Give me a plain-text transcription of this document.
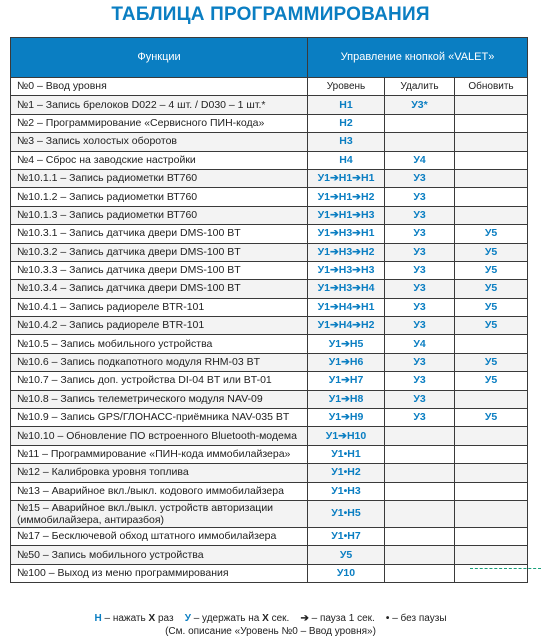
ТАБЛИЦА ПРОГРАММИРОВАНИЯ
Функции	Управление кнопкой «VALET»		
№0 – Ввод уровня	Уровень	Удалить	Обновить
№1 – Запись брелоков D022 – 4 шт. / D030 – 1 шт.*	Н1	У3*	
№2 – Программирование «Сервисного ПИН-кода»	Н2		
№3 – Запись холостых оборотов	Н3		
№4 – Сброс на заводские настройки	Н4	У4	
№10.1.1 – Запись радиометки ВТ760	У1➔Н1➔Н1	У3	
№10.1.2 – Запись радиометки ВТ760	У1➔Н1➔Н2	У3	
№10.1.3 – Запись радиометки ВТ760	У1➔Н1➔Н3	У3	
№10.3.1 – Запись датчика двери DMS-100 BT	У1➔Н3➔Н1	У3	У5
№10.3.2 – Запись датчика двери DMS-100 BT	У1➔Н3➔Н2	У3	У5
№10.3.3 – Запись датчика двери DMS-100 BT	У1➔Н3➔Н3	У3	У5
№10.3.4 – Запись датчика двери DMS-100 BT	У1➔Н3➔Н4	У3	У5
№10.4.1 – Запись радиореле BTR-101	У1➔Н4➔Н1	У3	У5
№10.4.2 – Запись радиореле BTR-101	У1➔Н4➔Н2	У3	У5
№10.5 – Запись мобильного устройства	У1➔Н5	У4	
№10.6 – Запись подкапотного модуля RHM-03 BT	У1➔Н6	У3	У5
№10.7 – Запись доп. устройства DI-04 BT или BT-01	У1➔Н7	У3	У5
№10.8 – Запись телеметрического модуля NAV-09	У1➔Н8	У3	
№10.9 – Запись GPS/ГЛОНАСС-приёмника NAV-035 BT	У1➔Н9	У3	У5
№10.10 – Обновление ПО встроенного Bluetooth-модема	У1➔Н10		
№11 – Программирование «ПИН-кода иммобилайзера»	У1•Н1		
№12 – Калибровка уровня топлива	У1•Н2		
№13 – Аварийное вкл./выкл. кодового иммобилайзера	У1•Н3		
№15 – Аварийное вкл./выкл. устройств авторизации (иммобилайзера, антиразбоя)	У1•Н5		
№17 – Бесключевой обход штатного иммобилайзера	У1•Н7		
№50 – Запись мобильного устройства	У5		
№100 – Выход из меню программирования	У10		
Н – нажать Х раз У – удержать на Х сек. ➔ – пауза 1 сек. • – без паузы
(См. описание «Уровень №0 – Ввод уровня»)
